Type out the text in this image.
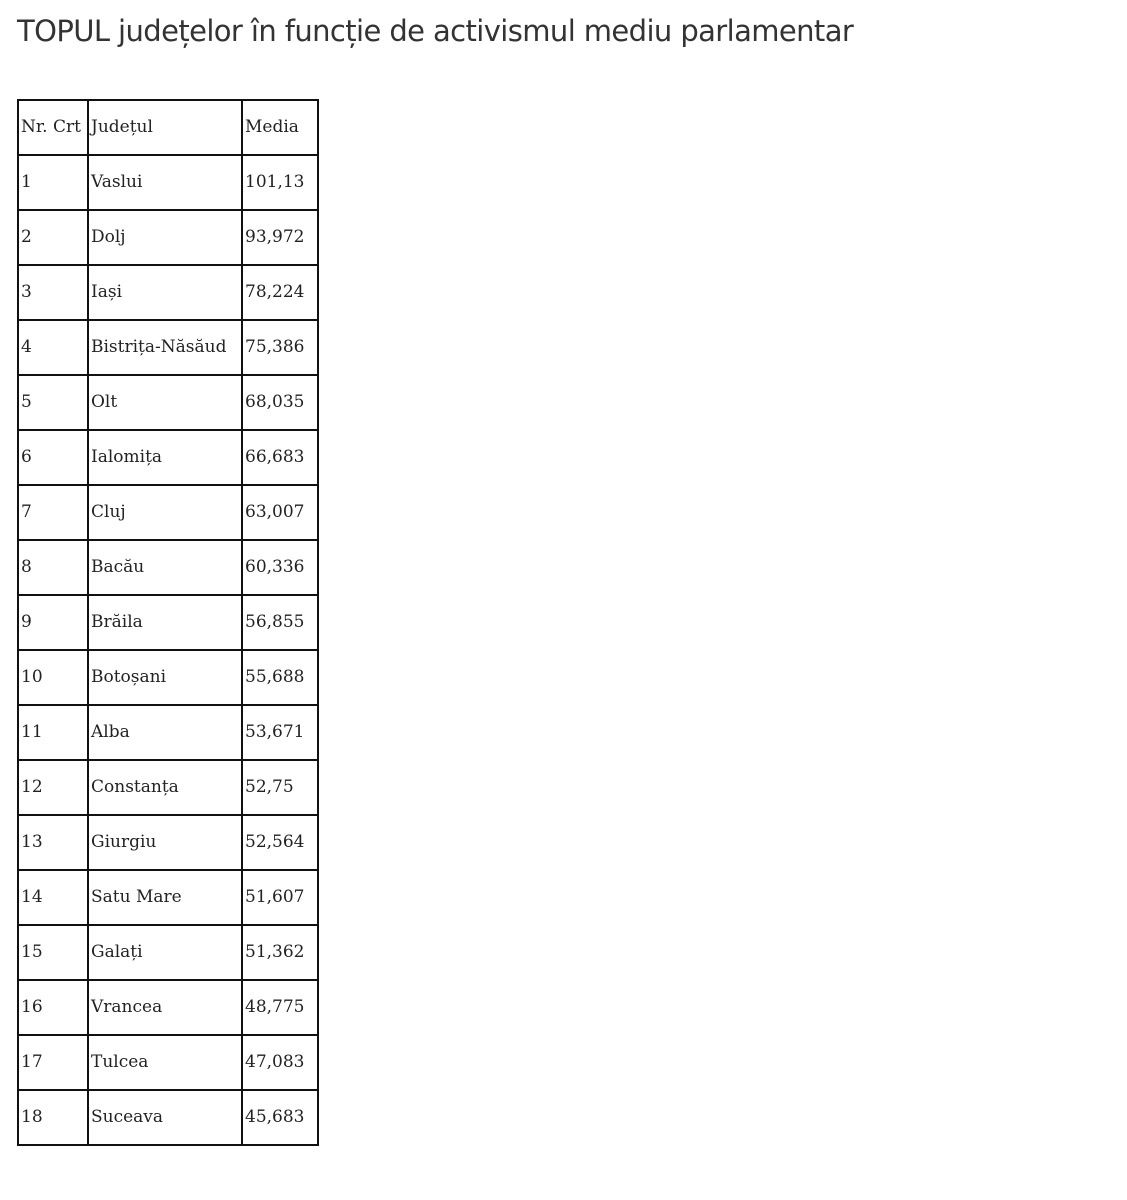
TOPUL județelor în funcție de activismul mediu parlamentar
Nr. Crt	Județul	Media
1	Vaslui	101,13
2	Dolj	93,972
3	Iași	78,224
4	Bistrița-Năsăud	75,386
5	Olt	68,035
6	Ialomița	66,683
7	Cluj	63,007
8	Bacău	60,336
9	Brăila	56,855
10	Botoșani	55,688
11	Alba	53,671
12	Constanța	52,75
13	Giurgiu	52,564
14	Satu Mare	51,607
15	Galați	51,362
16	Vrancea	48,775
17	Tulcea	47,083
18	Suceava	45,683
